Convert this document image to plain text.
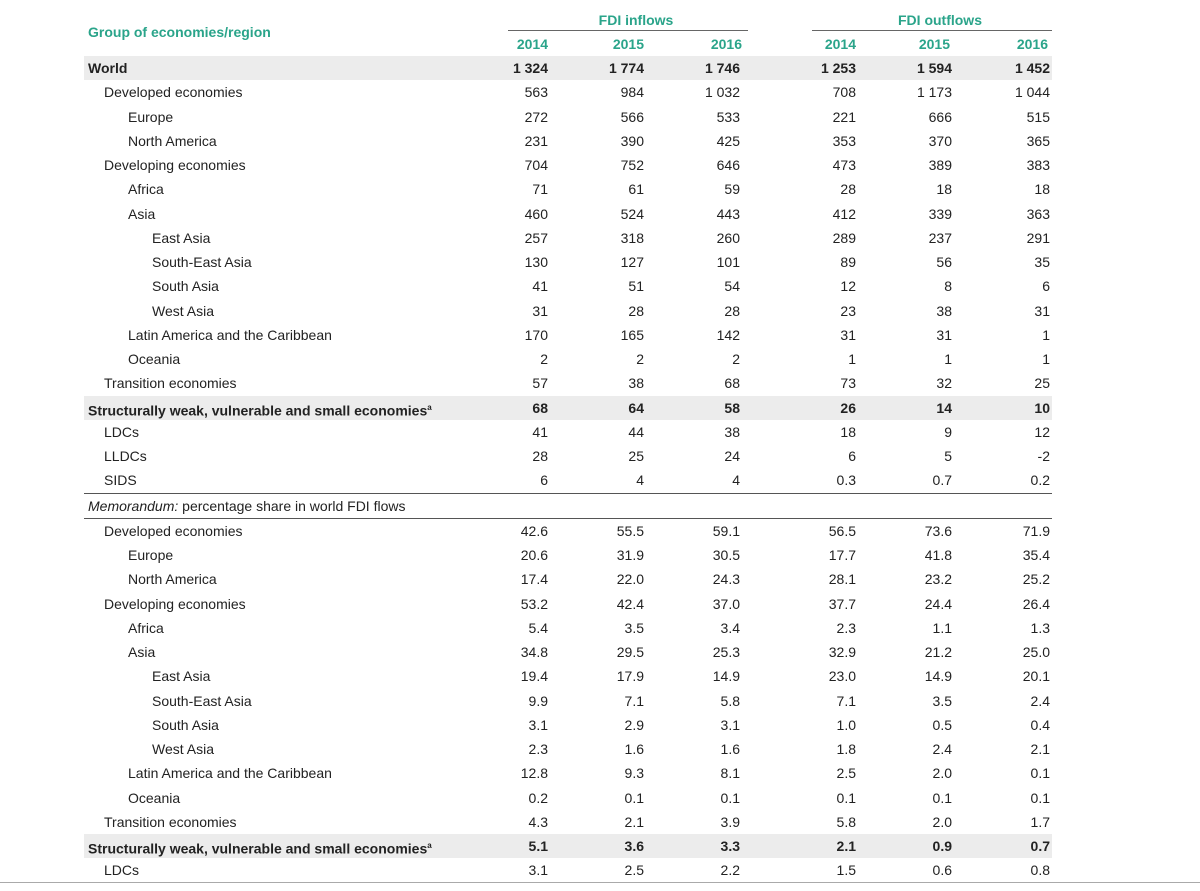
Group of economies/region
FDI inflows	FDI outflows
2014	2015	2016	2014	2015	2016
World	1 324	1 774	1 746	1 253	1 594	1 452
Developed economies	563	984	1 032	708	1 173	1 044
Europe	272	566	533	221	666	515
North America	231	390	425	353	370	365
Developing economies	704	752	646	473	389	383
Africa	71	61	59	28	18	18
Asia	460	524	443	412	339	363
East Asia	257	318	260	289	237	291
South-East Asia	130	127	101	89	56	35
South Asia	41	51	54	12	8	6
West Asia	31	28	28	23	38	31
Latin America and the Caribbean	170	165	142	31	31	1
Oceania	2	2	2	1	1	1
Transition economies	57	38	68	73	32	25
Structurally weak, vulnerable and small economies$^a$	68	64	58	26	14	10
LDCs	41	44	38	18	9	12
LLDCs	28	25	24	6	5	-2
SIDS	6	4	4	0.3	0.7	0.2
Memorandum: percentage share in world FDI flows
Developed economies	42.6	55.5	59.1	56.5	73.6	71.9
Europe	20.6	31.9	30.5	17.7	41.8	35.4
North America	17.4	22.0	24.3	28.1	23.2	25.2
Developing economies	53.2	42.4	37.0	37.7	24.4	26.4
Africa	5.4	3.5	3.4	2.3	1.1	1.3
Asia	34.8	29.5	25.3	32.9	21.2	25.0
East Asia	19.4	17.9	14.9	23.0	14.9	20.1
South-East Asia	9.9	7.1	5.8	7.1	3.5	2.4
South Asia	3.1	2.9	3.1	1.0	0.5	0.4
West Asia	2.3	1.6	1.6	1.8	2.4	2.1
Latin America and the Caribbean	12.8	9.3	8.1	2.5	2.0	0.1
Oceania	0.2	0.1	0.1	0.1	0.1	0.1
Transition economies	4.3	2.1	3.9	5.8	2.0	1.7
Structurally weak, vulnerable and small economies$^a$	5.1	3.6	3.3	2.1	0.9	0.7
LDCs	3.1	2.5	2.2	1.5	0.6	0.8
